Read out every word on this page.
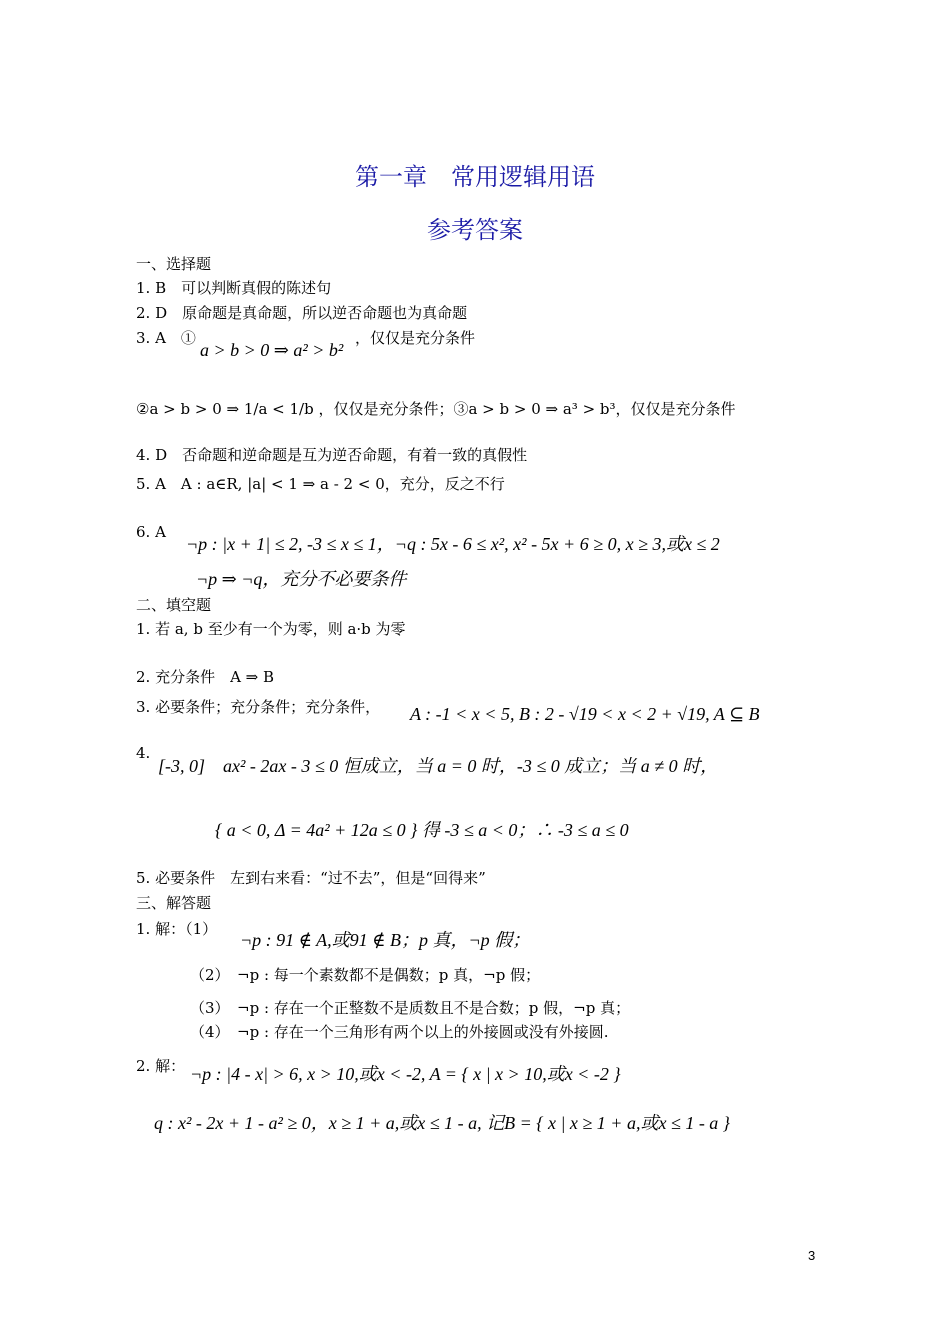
第一章　常用逻辑用语
参考答案
一、选择题
1. B　可以判断真假的陈述句
2. D　原命题是真命题，所以逆否命题也为真命题
3. A　①
a > b > 0 ⇒ a² > b²
，仅仅是充分条件
②a > b > 0 ⇒ 1/a < 1/b ，仅仅是充分条件；③a > b > 0 ⇒ a³ > b³，仅仅是充分条件
4. D　否命题和逆命题是互为逆否命题，有着一致的真假性
5. A　A : a∈R, |a| < 1 ⇒ a - 2 < 0，充分，反之不行
6. A
¬p : |x + 1| ≤ 2, -3 ≤ x ≤ 1，¬q : 5x - 6 ≤ x², x² - 5x + 6 ≥ 0, x ≥ 3,或x ≤ 2
¬p ⇒ ¬q，充分不必要条件
二、填空题
1. 若 a, b 至少有一个为零，则 a·b 为零
2. 充分条件　A ⇒ B
3. 必要条件；充分条件；充分条件， A : -1 < x < 5, B : 2 - √19 < x < 2 + √19, A ⊆ B
4.
[-3, 0]　ax² - 2ax - 3 ≤ 0 恒成立，当 a = 0 时，-3 ≤ 0 成立；当 a ≠ 0 时，
{ a < 0, Δ = 4a² + 12a ≤ 0 } 得 -3 ≤ a < 0；∴ -3 ≤ a ≤ 0
5. 必要条件　左到右来看：“过不去”，但是“回得来”
三、解答题
1. 解：（1）
¬p : 91 ∉ A,或91 ∉ B；p 真，¬p 假；
（2）　¬p : 每一个素数都不是偶数；p 真，¬p 假；
（3）　¬p : 存在一个正整数不是质数且不是合数；p 假，¬p 真；
（4）　¬p : 存在一个三角形有两个以上的外接圆或没有外接圆.
2. 解： ¬p : |4 - x| > 6, x > 10,或x < -2, A = { x | x > 10,或x < -2 }
q : x² - 2x + 1 - a² ≥ 0，x ≥ 1 + a,或x ≤ 1 - a, 记B = { x | x ≥ 1 + a,或x ≤ 1 - a }
3
